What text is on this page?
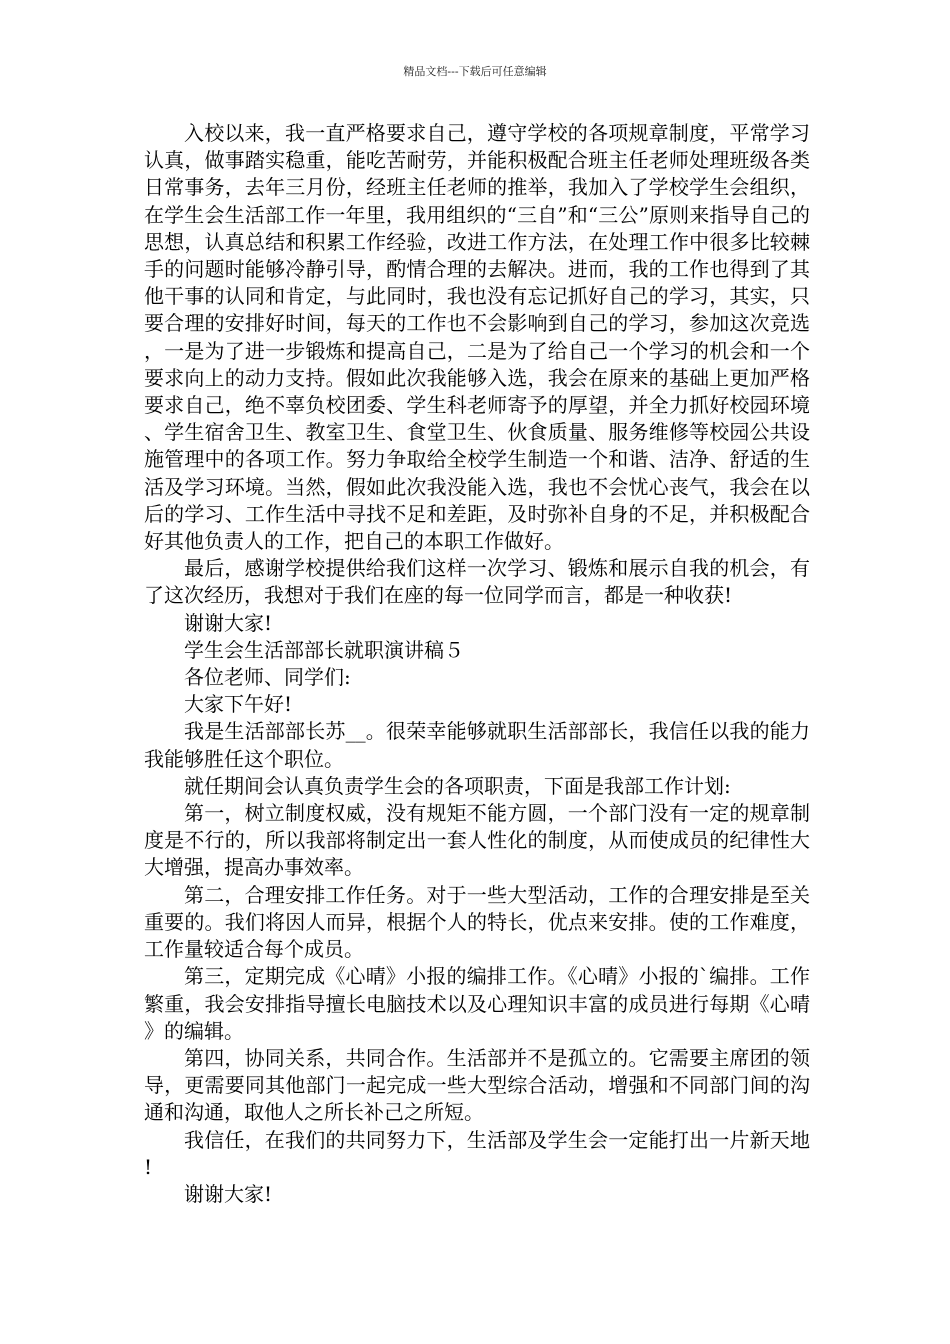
精品文档---下载后可任意编辑

入校以来，我一直严格要求自己，遵守学校的各项规章制度，平常学习认真，做事踏实稳重，能吃苦耐劳，并能积极配合班主任老师处理班级各类日常事务，去年三月份，经班主任老师的推举，我加入了学校学生会组织，在学生会生活部工作一年里，我用组织的“三自”和“三公”原则来指导自己的思想，认真总结和积累工作经验，改进工作方法，在处理工作中很多比较棘手的问题时能够冷静引导，酌情合理的去解决。进而，我的工作也得到了其他干事的认同和肯定，与此同时，我也没有忘记抓好自己的学习，其实，只要合理的安排好时间，每天的工作也不会影响到自己的学习，参加这次竞选，一是为了进一步锻炼和提高自己，二是为了给自己一个学习的机会和一个要求向上的动力支持。假如此次我能够入选，我会在原来的基础上更加严格要求自己，绝不辜负校团委、学生科老师寄予的厚望，并全力抓好校园环境、学生宿舍卫生、教室卫生、食堂卫生、伙食质量、服务维修等校园公共设施管理中的各项工作。努力争取给全校学生制造一个和谐、洁净、舒适的生活及学习环境。当然，假如此次我没能入选，我也不会忧心丧气，我会在以后的学习、工作生活中寻找不足和差距，及时弥补自身的不足，并积极配合好其他负责人的工作，把自己的本职工作做好。

最后，感谢学校提供给我们这样一次学习、锻炼和展示自我的机会，有了这次经历，我想对于我们在座的每一位同学而言，都是一种收获!

谢谢大家!

学生会生活部部长就职演讲稿５

各位老师、同学们:

大家下午好!

我是生活部部长苏__。很荣幸能够就职生活部部长，我信任以我的能力我能够胜任这个职位。

就任期间会认真负责学生会的各项职责，下面是我部工作计划:

第一，树立制度权威，没有规矩不能方圆，一个部门没有一定的规章制度是不行的，所以我部将制定出一套人性化的制度，从而使成员的纪律性大大增强，提高办事效率。

第二，合理安排工作任务。对于一些大型活动，工作的合理安排是至关重要的。我们将因人而异，根据个人的特长，优点来安排。使的工作难度，工作量较适合每个成员。

第三，定期完成《心晴》小报的编排工作。《心晴》小报的`编排。工作繁重，我会安排指导擅长电脑技术以及心理知识丰富的成员进行每期《心晴》的编辑。

第四，协同关系，共同合作。生活部并不是孤立的。它需要主席团的领导，更需要同其他部门一起完成一些大型综合活动，增强和不同部门间的沟通和沟通，取他人之所长补己之所短。

我信任，在我们的共同努力下，生活部及学生会一定能打出一片新天地!

谢谢大家!
